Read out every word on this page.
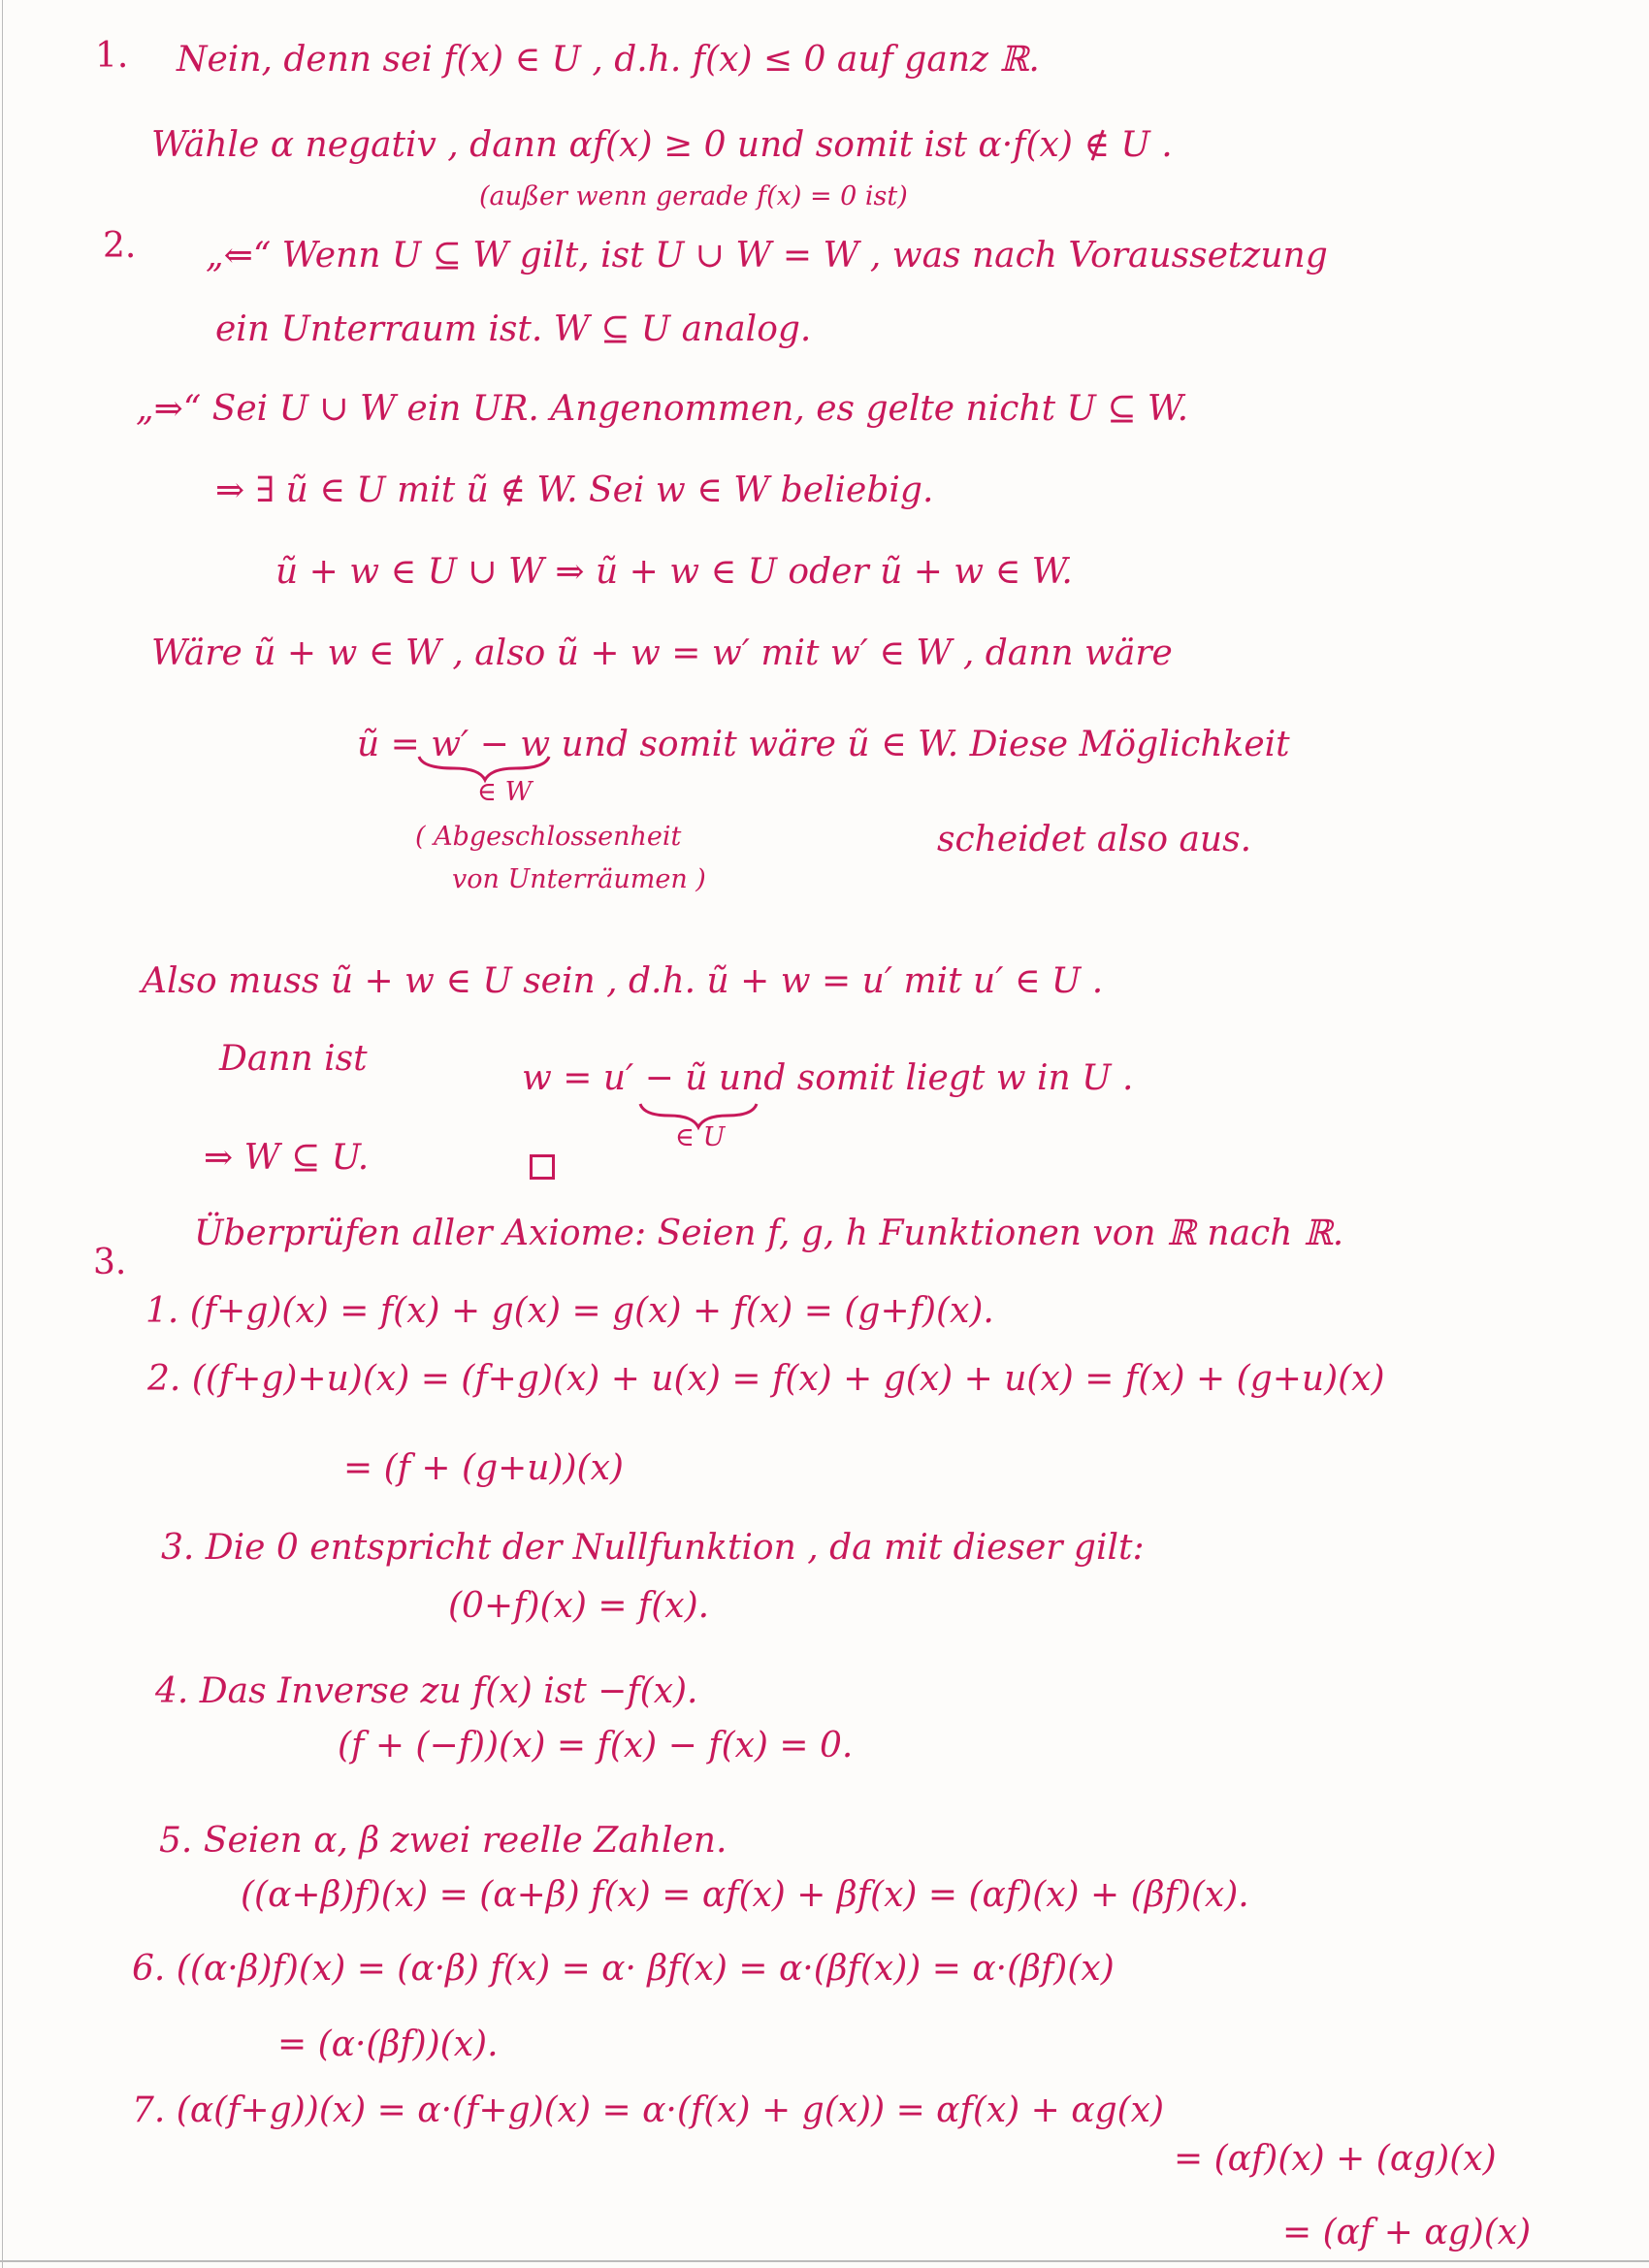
1. Nein, denn sei f(x) ∈ U , d.h. f(x) ≤ 0 auf ganz ℝ.
Wähle α negativ , dann αf(x) ≥ 0 und somit ist α·f(x) ∉ U .
(außer wenn gerade f(x) = 0 ist)
2. „⇐“ Wenn U ⊆ W gilt, ist U ∪ W = W , was nach Voraussetzung
ein Unterraum ist. W ⊆ U analog.
„⇒“ Sei U ∪ W ein UR. Angenommen, es gelte nicht U ⊆ W.
⇒ ∃ ũ ∈ U mit ũ ∉ W. Sei w ∈ W beliebig.
ũ + w ∈ U ∪ W ⇒ ũ + w ∈ U oder ũ + w ∈ W.
Wäre ũ + w ∈ W , also ũ + w = w′ mit w′ ∈ W , dann wäre
ũ = w′ − w und somit wäre ũ ∈ W. Diese Möglichkeit
∈ W
( Abgeschlossenheit	scheidet also aus.
von Unterräumen )
Also muss ũ + w ∈ U sein , d.h. ũ + w = u′ mit u′ ∈ U .
Dann ist	w = u′ − ũ und somit liegt w in U .
∈ U
⇒ W ⊆ U.
3.
Überprüfen aller Axiome: Seien f, g, h Funktionen von ℝ nach ℝ.
1. (f+g)(x) = f(x) + g(x) = g(x) + f(x) = (g+f)(x).
2. ((f+g)+u)(x) = (f+g)(x) + u(x) = f(x) + g(x) + u(x) = f(x) + (g+u)(x)
= (f + (g+u))(x)
3. Die 0 entspricht der Nullfunktion , da mit dieser gilt:
(0+f)(x) = f(x).
4. Das Inverse zu f(x) ist −f(x).
(f + (−f))(x) = f(x) − f(x) = 0.
5. Seien α, β zwei reelle Zahlen.
((α+β)f)(x) = (α+β) f(x) = αf(x) + βf(x) = (αf)(x) + (βf)(x).
6. ((α·β)f)(x) = (α·β) f(x) = α· βf(x) = α·(βf(x)) = α·(βf)(x)
= (α·(βf))(x).
7. (α(f+g))(x) = α·(f+g)(x) = α·(f(x) + g(x)) = αf(x) + αg(x)
= (αf)(x) + (αg)(x)
= (αf + αg)(x)
